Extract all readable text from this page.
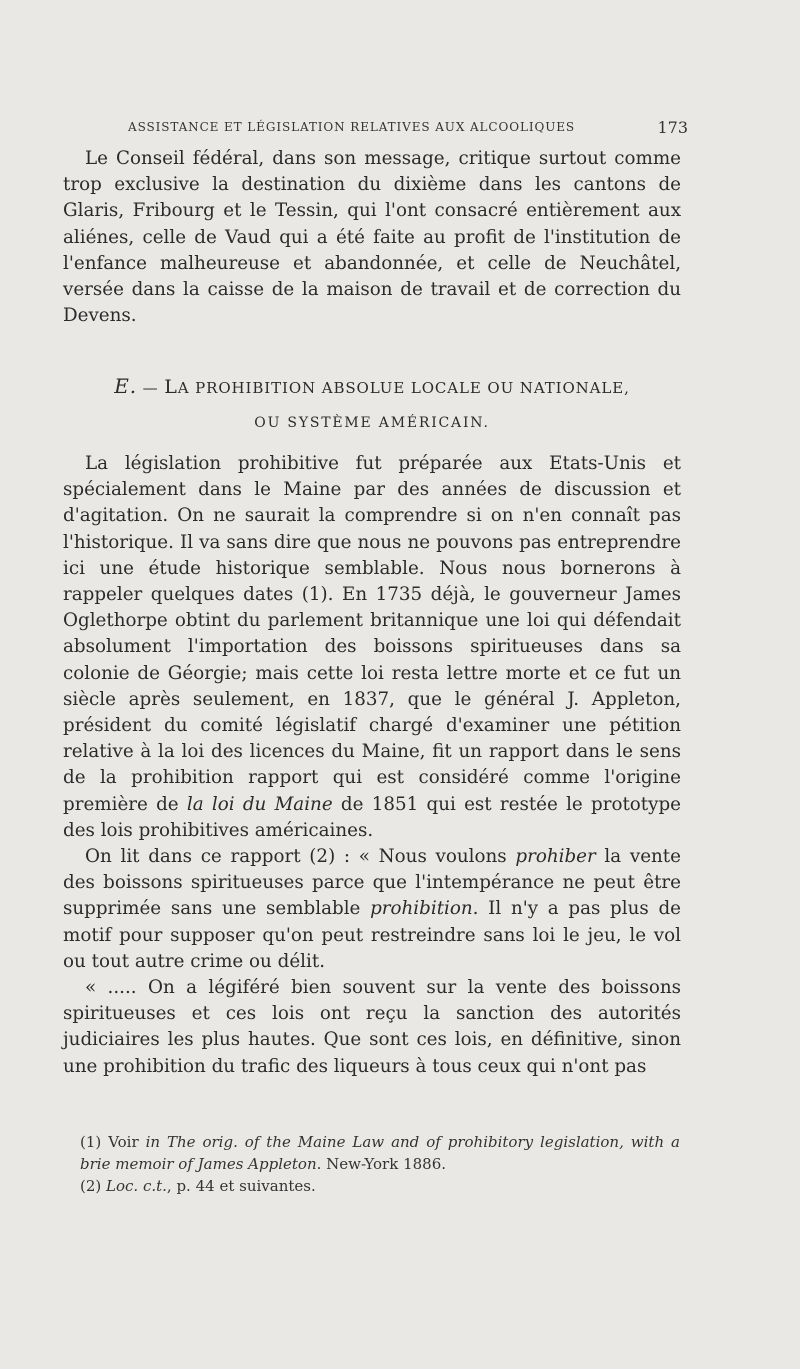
ASSISTANCE ET LÉGISLATION RELATIVES AUX ALCOOLIQUES	173

Le Conseil fédéral, dans son message, critique surtout comme trop exclusive la destination du dixième dans les cantons de Glaris, Fribourg et le Tessin, qui l'ont consacré entièrement aux aliénes, celle de Vaud qui a été faite au profit de l'institution de l'enfance malheureuse et abandonnée, et celle de Neuchâtel, versée dans la caisse de la maison de travail et de correction du Devens.

E. — LA PROHIBITION ABSOLUE LOCALE OU NATIONALE,
OU SYSTÈME AMÉRICAIN.

La législation prohibitive fut préparée aux Etats-Unis et spécialement dans le Maine par des années de discussion et d'agitation. On ne saurait la comprendre si on n'en connaît pas l'historique. Il va sans dire que nous ne pouvons pas entreprendre ici une étude historique semblable. Nous nous bornerons à rappeler quelques dates (1). En 1735 déjà, le gouverneur James Oglethorpe obtint du parlement britannique une loi qui défendait absolument l'importation des boissons spiritueuses dans sa colonie de Géorgie; mais cette loi resta lettre morte et ce fut un siècle après seulement, en 1837, que le général J. Appleton, président du comité législatif chargé d'examiner une pétition relative à la loi des licences du Maine, fit un rapport dans le sens de la prohibition rapport qui est considéré comme l'origine première de la loi du Maine de 1851 qui est restée le prototype des lois prohibitives américaines.

On lit dans ce rapport (2) : « Nous voulons prohiber la vente des boissons spiritueuses parce que l'intempérance ne peut être supprimée sans une semblable prohibition. Il n'y a pas plus de motif pour supposer qu'on peut restreindre sans loi le jeu, le vol ou tout autre crime ou délit.

« ..... On a légiféré bien souvent sur la vente des boissons spiritueuses et ces lois ont reçu la sanction des autorités judiciaires les plus hautes. Que sont ces lois, en définitive, sinon une prohibition du trafic des liqueurs à tous ceux qui n'ont pas

(1) Voir in The orig. of the Maine Law and of prohibitory legislation, with a brie memoir of James Appleton. New-York 1886.

(2) Loc. c.t., p. 44 et suivantes.
